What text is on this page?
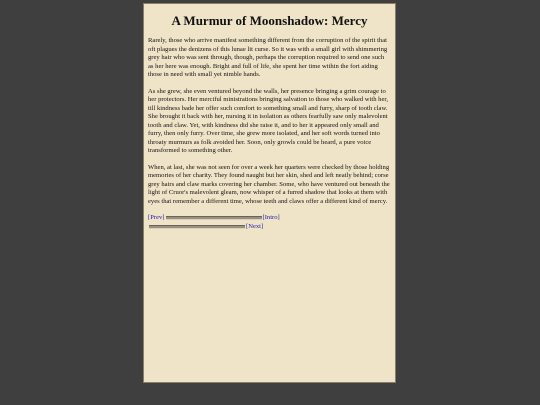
A Murmur of Moonshadow: Mercy

Rarely, those who arrive manifest something different from the corruption of the spirit that oft plagues the denizens of this lunae lit curse. So it was with a small girl with shimmering grey hair who was sent through, though, perhaps the corruption required to send one such as her here was enough. Bright and full of life, she spent her time within the fort aiding those in need with small yet nimble hands.

As she grew, she even ventured beyond the walls, her presence bringing a grim courage to her protectors. Her merciful ministrations bringing salvation to those who walked with her, till kindness bade her offer such comfort to something small and furry, sharp of tooth claw. She brought it back with her, nursing it in isolation as others fearfully saw only malevolent tooth and claw. Yet, with kindness did she raise it, and to her it appeared only small and furry, then only furry. Over time, she grew more isolated, and her soft words turned into throaty murmurs as folk avoided her. Soon, only growls could be heard, a pure voice transformed to something other.

When, at last, she was not seen for over a week her quarters were checked by those holding memories of her charity. They found naught but her skin, shed and left neatly behind; corse grey hairs and claw marks covering her chamber. Some, who have ventured out beneath the light of Cruor's malevolent gleam, now whisper of a furred shadow that looks at them with eyes that remember a different time, whose teeth and claws offer a different kind of mercy.

[ Prev ]	[Intro]
[Next]
